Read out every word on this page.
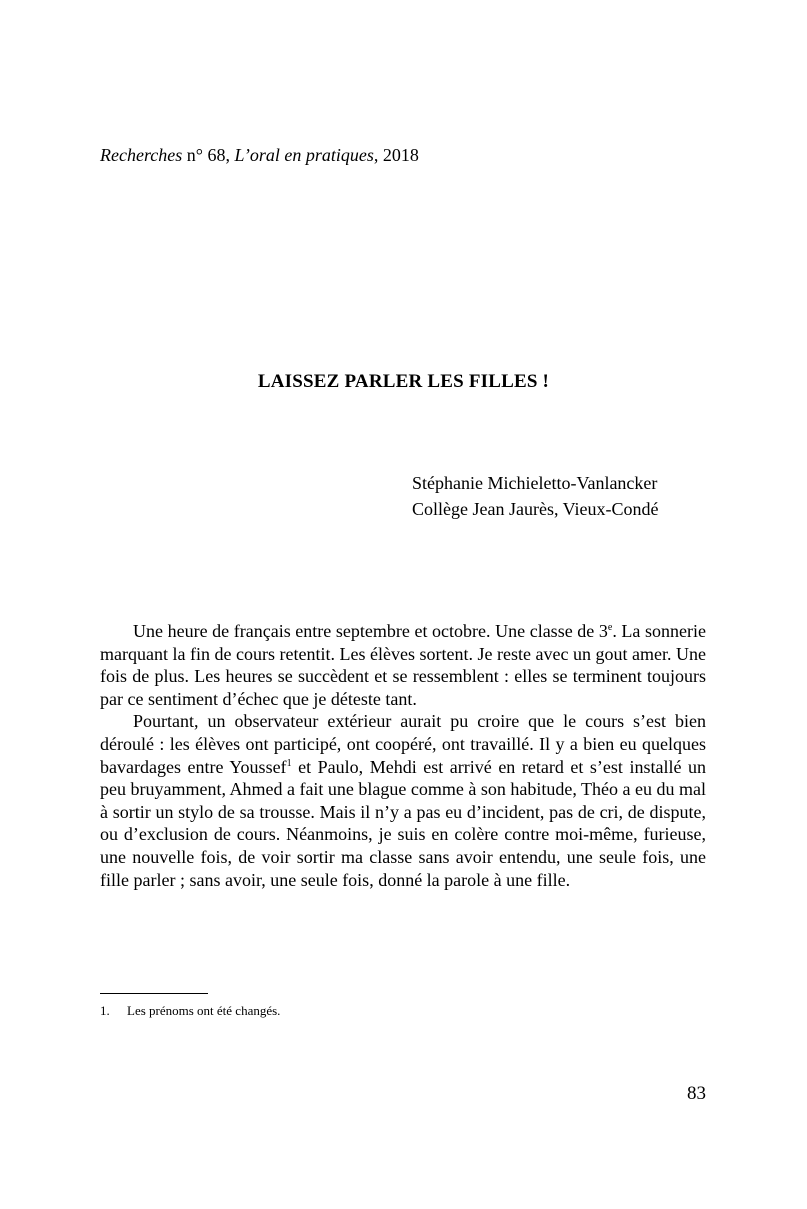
Recherches n° 68, L’oral en pratiques, 2018
LAISSEZ PARLER LES FILLES !
Stéphanie Michieletto-Vanlancker
Collège Jean Jaurès, Vieux-Condé

Une heure de français entre septembre et octobre. Une classe de 3e. La sonnerie marquant la fin de cours retentit. Les élèves sortent. Je reste avec un gout amer. Une fois de plus. Les heures se succèdent et se ressemblent : elles se terminent toujours par ce sentiment d’échec que je déteste tant.

Pourtant, un observateur extérieur aurait pu croire que le cours s’est bien déroulé : les élèves ont participé, ont coopéré, ont travaillé. Il y a bien eu quelques bavardages entre Youssef$^1$ et Paulo, Mehdi est arrivé en retard et s’est installé un peu bruyamment, Ahmed a fait une blague comme à son habitude, Théo a eu du mal à sortir un stylo de sa trousse. Mais il n’y a pas eu d’incident, pas de cri, de dispute, ou d’exclusion de cours. Néanmoins, je suis en colère contre moi-même, furieuse, une nouvelle fois, de voir sortir ma classe sans avoir entendu, une seule fois, une fille parler ; sans avoir, une seule fois, donné la parole à une fille.

1. Les prénoms ont été changés.
83
